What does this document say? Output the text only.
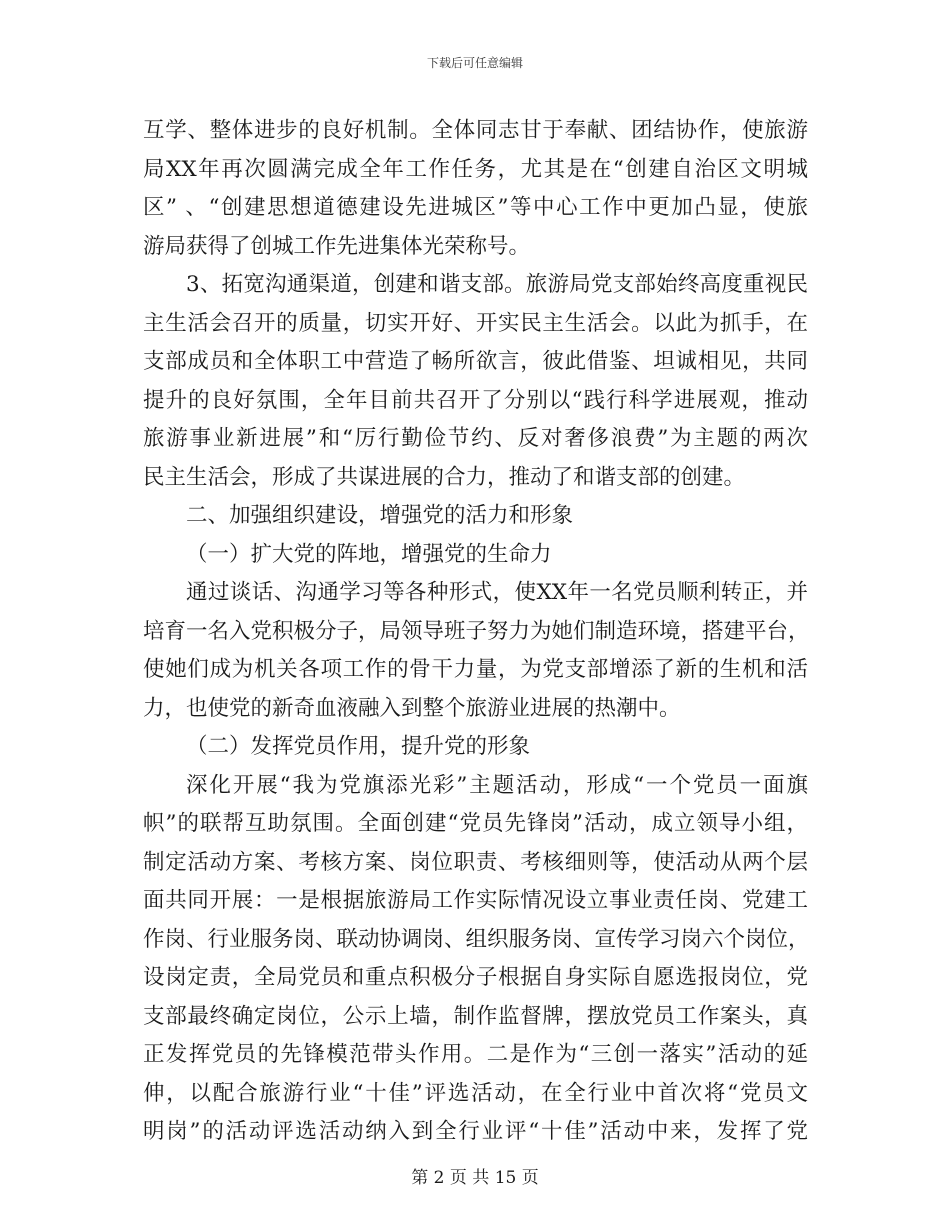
下载后可任意编辑
互学、整体进步的良好机制。全体同志甘于奉献、团结协作，使旅游
局XX年再次圆满完成全年工作任务，尤其是在“创建自治区文明城
区” 、“创建思想道德建设先进城区”等中心工作中更加凸显，使旅
游局获得了创城工作先进集体光荣称号。
3、拓宽沟通渠道，创建和谐支部。旅游局党支部始终高度重视民
主生活会召开的质量，切实开好、开实民主生活会。以此为抓手，在
支部成员和全体职工中营造了畅所欲言，彼此借鉴、坦诚相见，共同
提升的良好氛围，全年目前共召开了分别以“践行科学进展观，推动
旅游事业新进展”和“厉行勤俭节约、反对奢侈浪费”为主题的两次
民主生活会，形成了共谋进展的合力，推动了和谐支部的创建。
二、加强组织建设，增强党的活力和形象
（一）扩大党的阵地，增强党的生命力
通过谈话、沟通学习等各种形式，使XX年一名党员顺利转正，并
培育一名入党积极分子，局领导班子努力为她们制造环境，搭建平台，
使她们成为机关各项工作的骨干力量，为党支部增添了新的生机和活
力，也使党的新奇血液融入到整个旅游业进展的热潮中。
（二）发挥党员作用，提升党的形象
深化开展“我为党旗添光彩”主题活动，形成“一个党员一面旗
帜”的联帮互助氛围。全面创建“党员先锋岗”活动，成立领导小组，
制定活动方案、考核方案、岗位职责、考核细则等，使活动从两个层
面共同开展：一是根据旅游局工作实际情况设立事业责任岗、党建工
作岗、行业服务岗、联动协调岗、组织服务岗、宣传学习岗六个岗位，
设岗定责，全局党员和重点积极分子根据自身实际自愿选报岗位，党
支部最终确定岗位，公示上墙，制作监督牌，摆放党员工作案头，真
正发挥党员的先锋模范带头作用。二是作为“三创一落实”活动的延
伸，以配合旅游行业“十佳”评选活动，在全行业中首次将“党员文
明岗”的活动评选活动纳入到全行业评“十佳”活动中来，发挥了党
第 2 页 共 15 页
